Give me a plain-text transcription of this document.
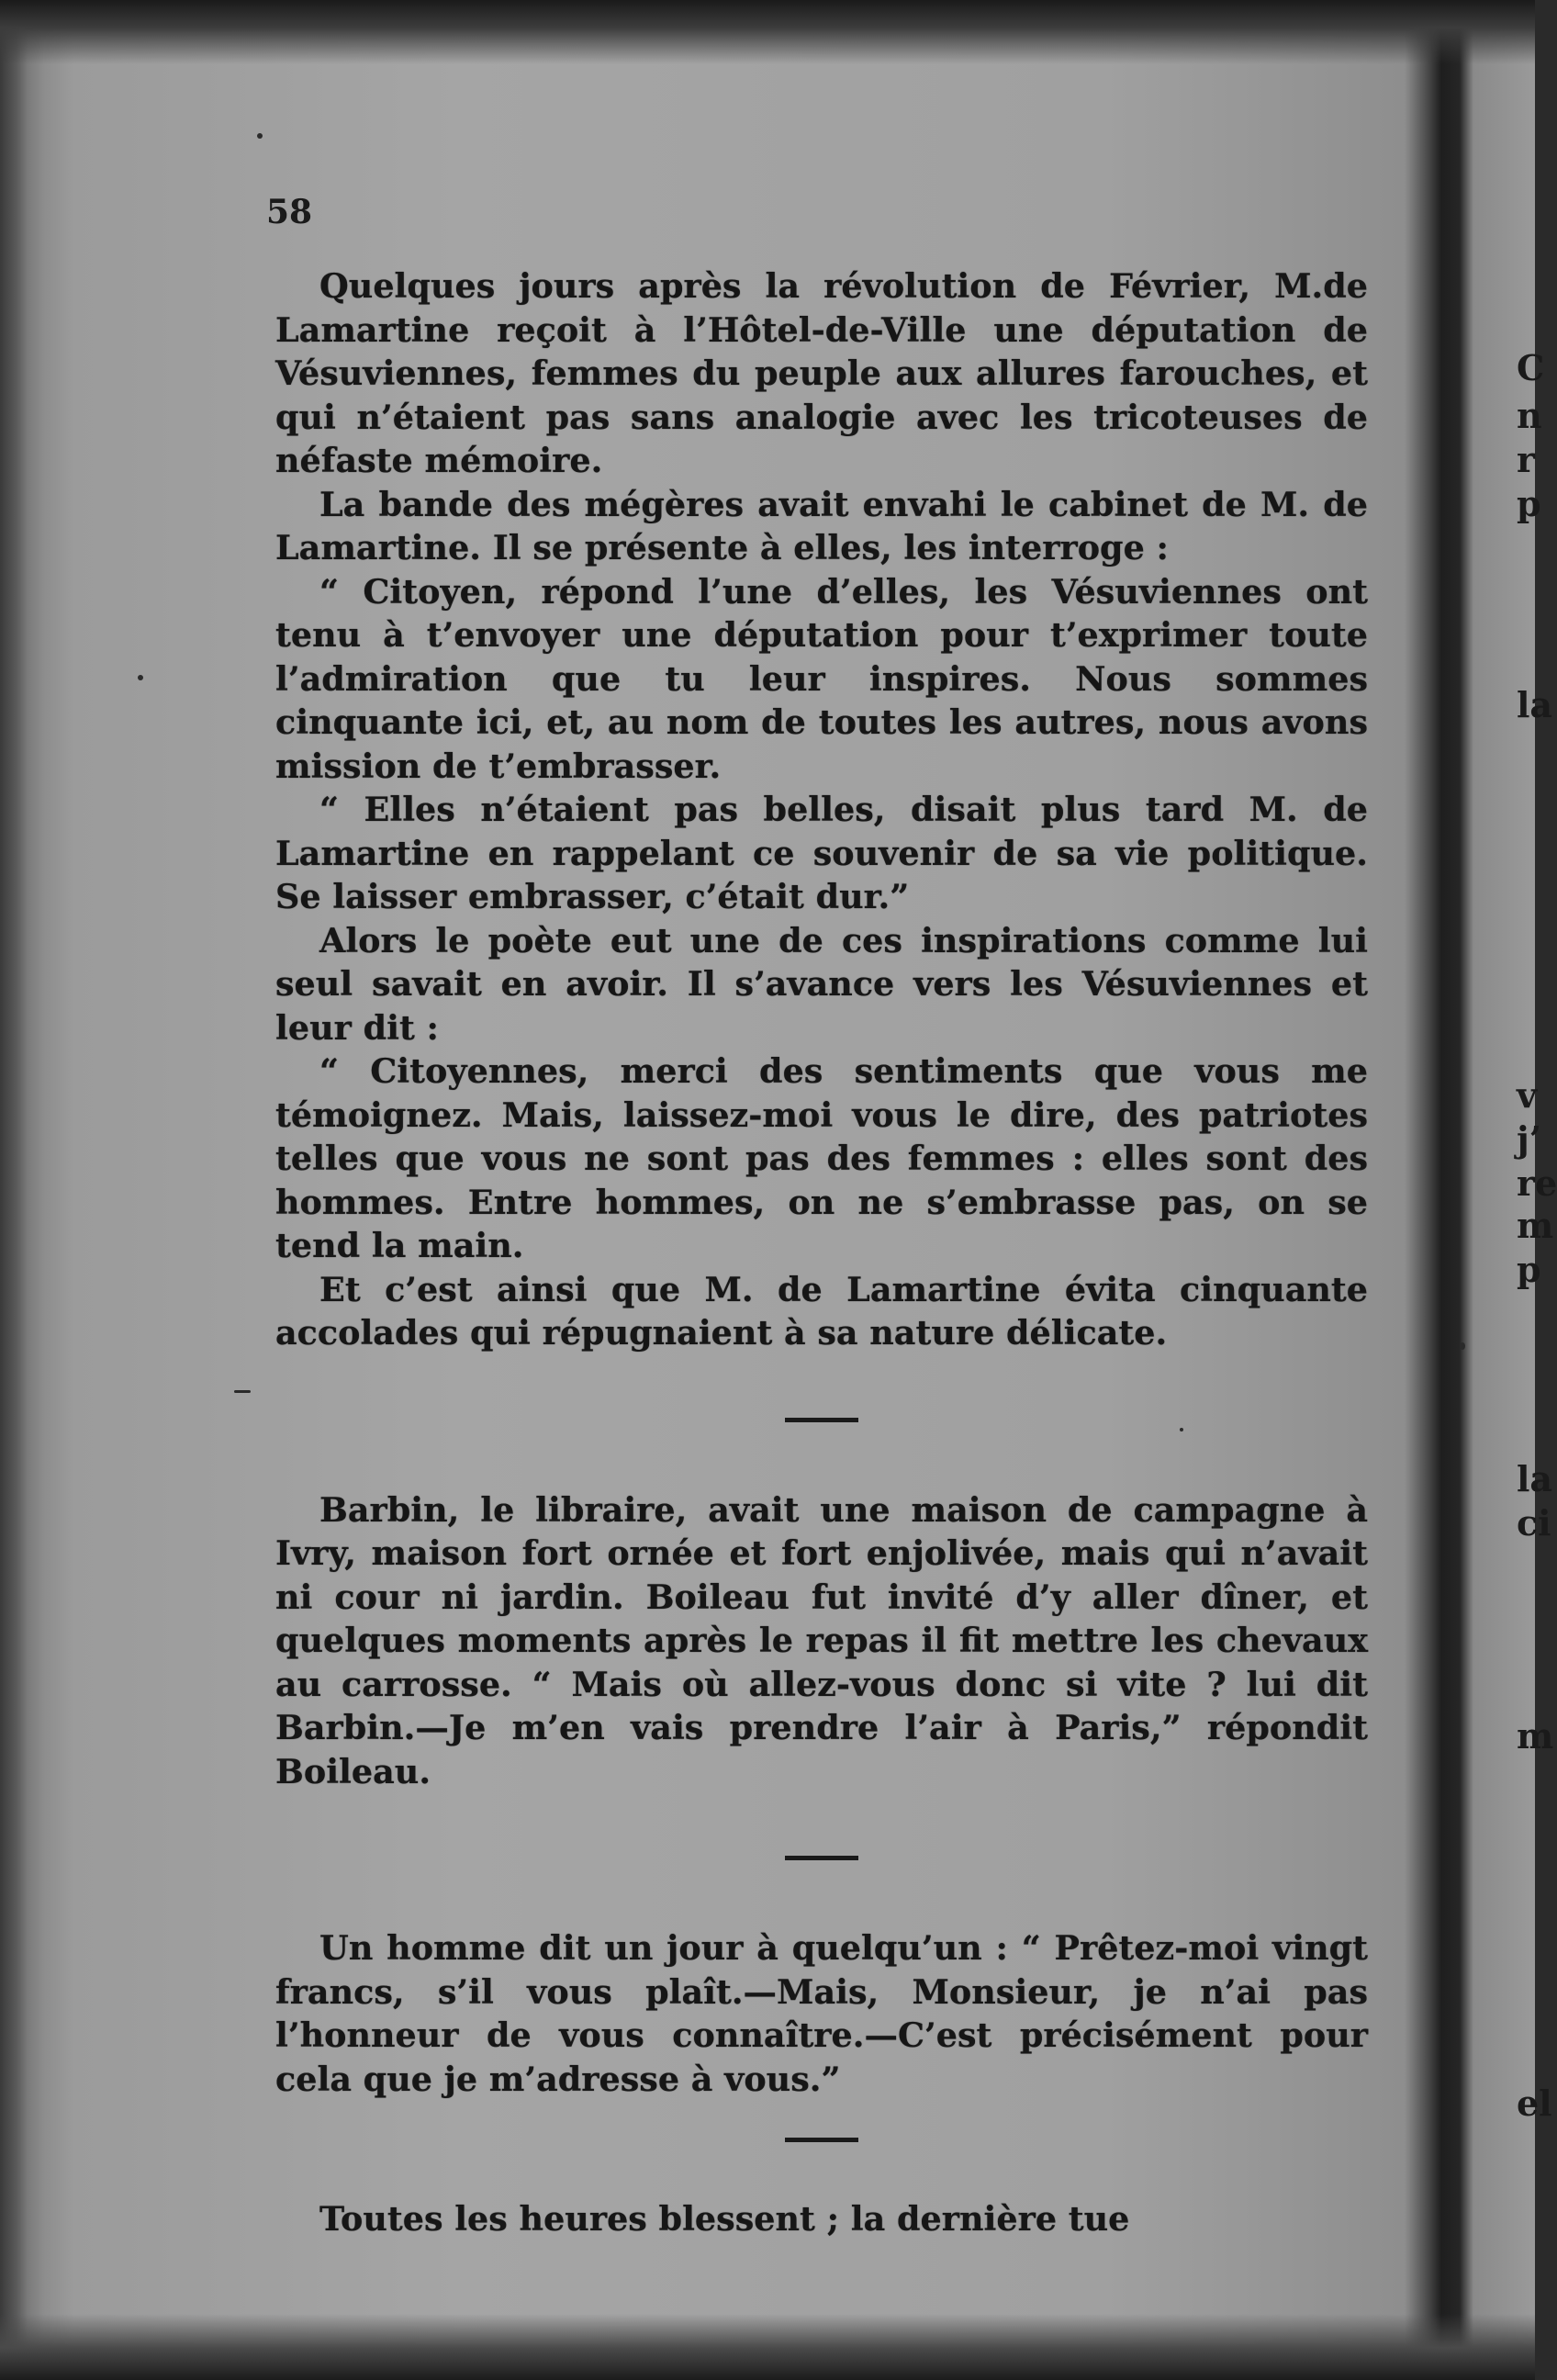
58

Quelques jours après la révolution de Février, M.de Lamartine reçoit à l’Hôtel-de-Ville une députation de Vésuviennes, femmes du peuple aux allures farouches, et qui n’étaient pas sans analogie avec les tricoteuses de néfaste mémoire.

La bande des mégères avait envahi le cabinet de M. de Lamartine. Il se présente à elles, les interroge :

“ Citoyen, répond l’une d’elles, les Vésuviennes ont tenu à t’envoyer une députation pour t’exprimer toute l’admiration que tu leur inspires. Nous sommes cinquante ici, et, au nom de toutes les autres, nous avons mission de t’embrasser.

“ Elles n’étaient pas belles, disait plus tard M. de Lamartine en rappelant ce souvenir de sa vie politique. Se laisser embrasser, c’était dur.”

Alors le poète eut une de ces inspirations comme lui seul savait en avoir. Il s’avance vers les Vésuviennes et leur dit :

“ Citoyennes, merci des sentiments que vous me témoignez. Mais, laissez-moi vous le dire, des patriotes telles que vous ne sont pas des femmes : elles sont des hommes. Entre hommes, on ne s’embrasse pas, on se tend la main.

Et c’est ainsi que M. de Lamartine évita cinquante accolades qui répugnaient à sa nature délicate.

Barbin, le libraire, avait une maison de campagne à Ivry, maison fort ornée et fort enjolivée, mais qui n’avait ni cour ni jardin. Boileau fut invité d’y aller dîner, et quelques moments après le repas il fit mettre les chevaux au carrosse. “ Mais où allez-vous donc si vite ? lui dit Barbin.—Je m’en vais prendre l’air à Paris,” répondit Boileau.

Un homme dit un jour à quelqu’un : “ Prêtez-moi vingt francs, s’il vous plaît.—Mais, Monsieur, je n’ai pas l’honneur de vous connaître.—C’est précisément pour cela que je m’adresse à vous.”

Toutes les heures blessent ; la dernière tue

C
n
r
p
la
v
j’
re
m
p
la
ci
m
el
